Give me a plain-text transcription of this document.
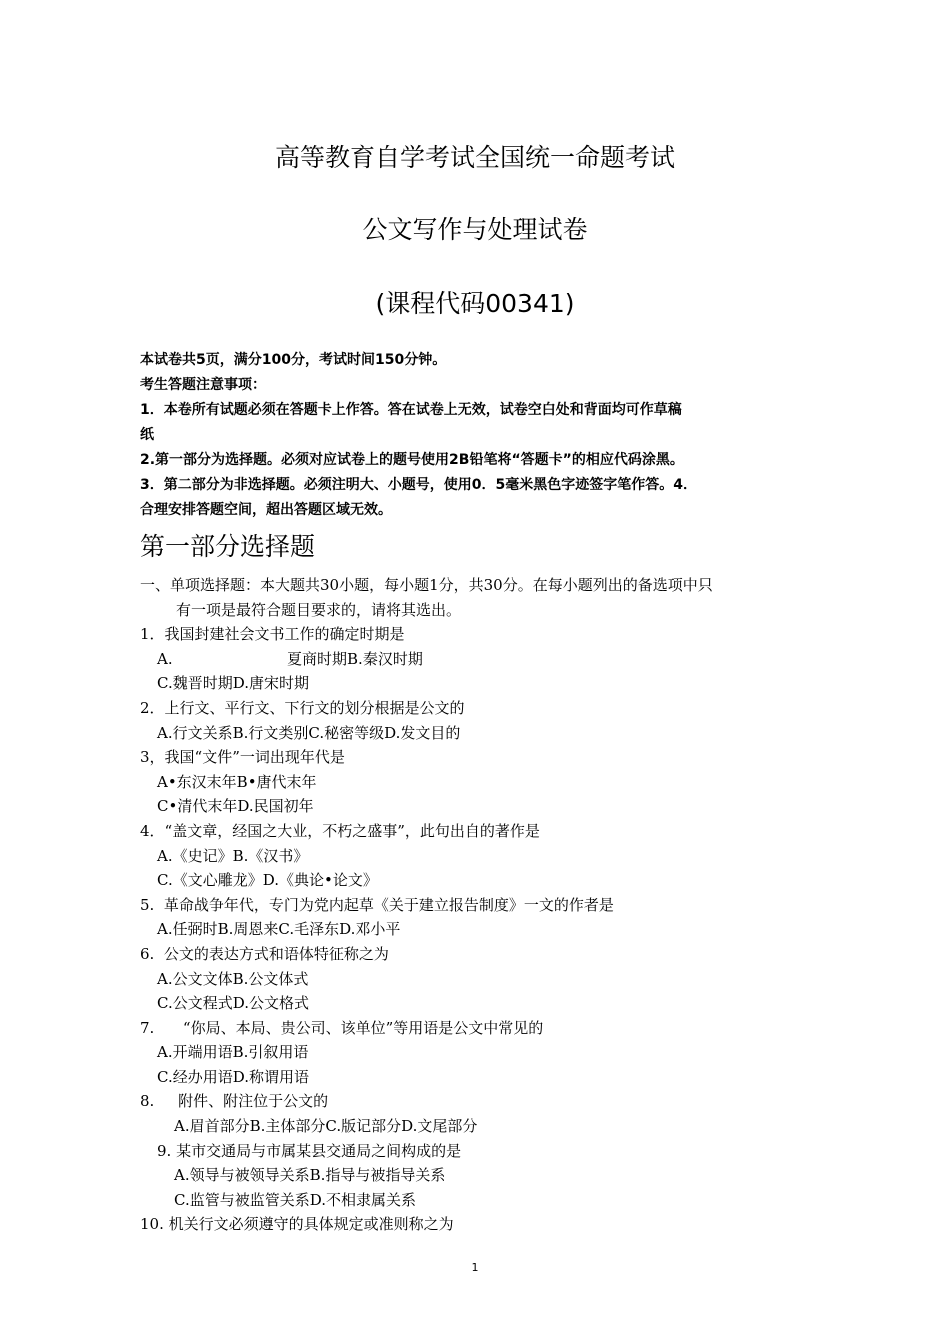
高等教育自学考试全国统一命题考试
公文写作与处理试卷
(课程代码00341)
本试卷共5页，满分100分，考试时间150分钟。
考生答题注意事项：
1．本卷所有试题必须在答题卡上作答。答在试卷上无效，试卷空白处和背面均可作草稿
纸
2.第一部分为选择题。必须对应试卷上的题号使用2B铅笔将“答题卡”的相应代码涂黑。
3．第二部分为非选择题。必须注明大、小题号，使用0．5毫米黑色字迹签字笔作答。4．
合理安排答题空间，超出答题区域无效。
第一部分选择题
一、单项选择题：本大题共30小题，每小题1分，共30分。在每小题列出的备选项中只
有一项是最符合题目要求的，请将其选出。
1．我国封建社会文书工作的确定时期是
A.                        夏商时期B.秦汉时期
C.魏晋时期D.唐宋时期
2．上行文、平行文、下行文的划分根据是公文的
A.行文关系B.行文类别C.秘密等级D.发文目的
3，我国“文件”一词出现年代是
A•东汉末年B•唐代末年
C•清代末年D.民国初年
4．“盖文章，经国之大业，不朽之盛事”，此句出自的著作是
A.《史记》B.《汉书》
C.《文心雕龙》D.《典论•论文》
5.  革命战争年代，专门为党内起草《关于建立报告制度》一文的作者是
A.任弼时B.周恩来C.毛泽东D.邓小平
6.  公文的表达方式和语体特征称之为
A.公文文体B.公文体式
C.公文程式D.公文格式
7.      “你局、本局、贵公司、该单位”等用语是公文中常见的
A.开端用语B.引叙用语
C.经办用语D.称谓用语
8.     附件、附注位于公文的
A.眉首部分B.主体部分C.版记部分D.文尾部分
9. 某市交通局与市属某县交通局之间构成的是
A.领导与被领导关系B.指导与被指导关系
C.监管与被监管关系D.不相隶属关系
10. 机关行文必须遵守的具体规定或准则称之为
1
